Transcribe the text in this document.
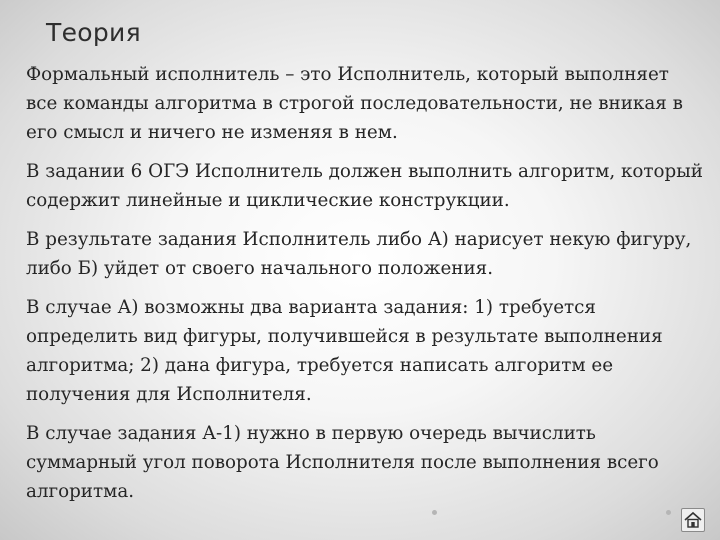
Теория

Формальный исполнитель – это Исполнитель, который выполняет все команды алгоритма в строгой последовательности, не вникая в его смысл и ничего не изменяя в нем.

В задании 6 ОГЭ Исполнитель должен выполнить алгоритм, который содержит линейные и циклические конструкции.

В результате задания Исполнитель либо А) нарисует некую фигуру, либо Б) уйдет от своего начального положения.

В случае А) возможны два варианта задания: 1) требуется определить вид фигуры, получившейся в результате выполнения алгоритма; 2) дана фигура, требуется написать алгоритм ее получения для Исполнителя.

В случае задания А-1) нужно в первую очередь вычислить суммарный угол поворота Исполнителя после выполнения всего алгоритма.
